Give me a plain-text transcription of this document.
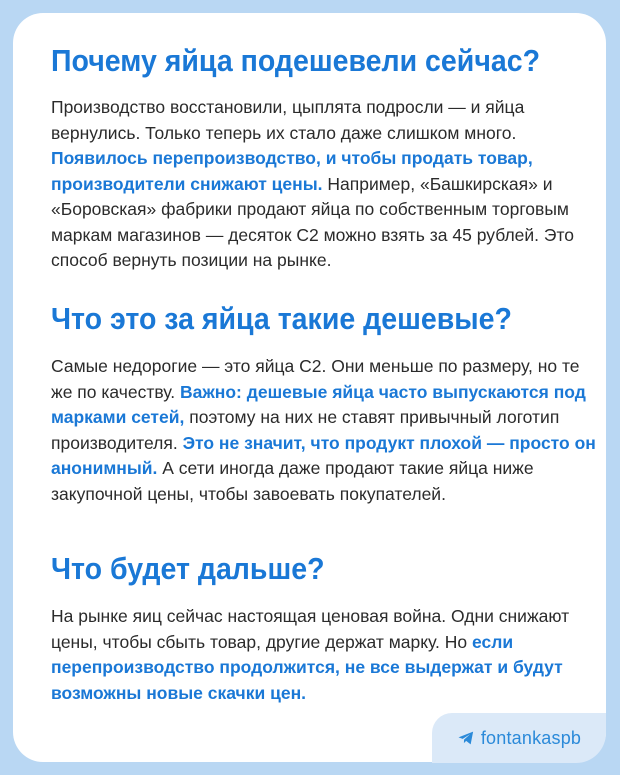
Почему яйца подешевели сейчас?

Производство восстановили, цыплята подросли — и яйца вернулись. Только теперь их стало даже слишком много. Появилось перепроизводство, и чтобы продать товар, производители снижают цены. Например, «Башкирская» и «Боровская» фабрики продают яйца по собственным торговым маркам магазинов — десяток С2 можно взять за 45 рублей. Это способ вернуть позиции на рынке.

Что это за яйца такие дешевые?

Самые недорогие — это яйца С2. Они меньше по размеру, но те же по качеству. Важно: дешевые яйца часто выпускаются под марками сетей, поэтому на них не ставят привычный логотип производителя. Это не значит, что продукт плохой — просто он анонимный. А сети иногда даже продают такие яйца ниже закупочной цены, чтобы завоевать покупателей.

Что будет дальше?

На рынке яиц сейчас настоящая ценовая война. Одни снижают цены, чтобы сбыть товар, другие держат марку. Но если перепроизводство продолжится, не все выдержат и будут возможны новые скачки цен.

fontankaspb
